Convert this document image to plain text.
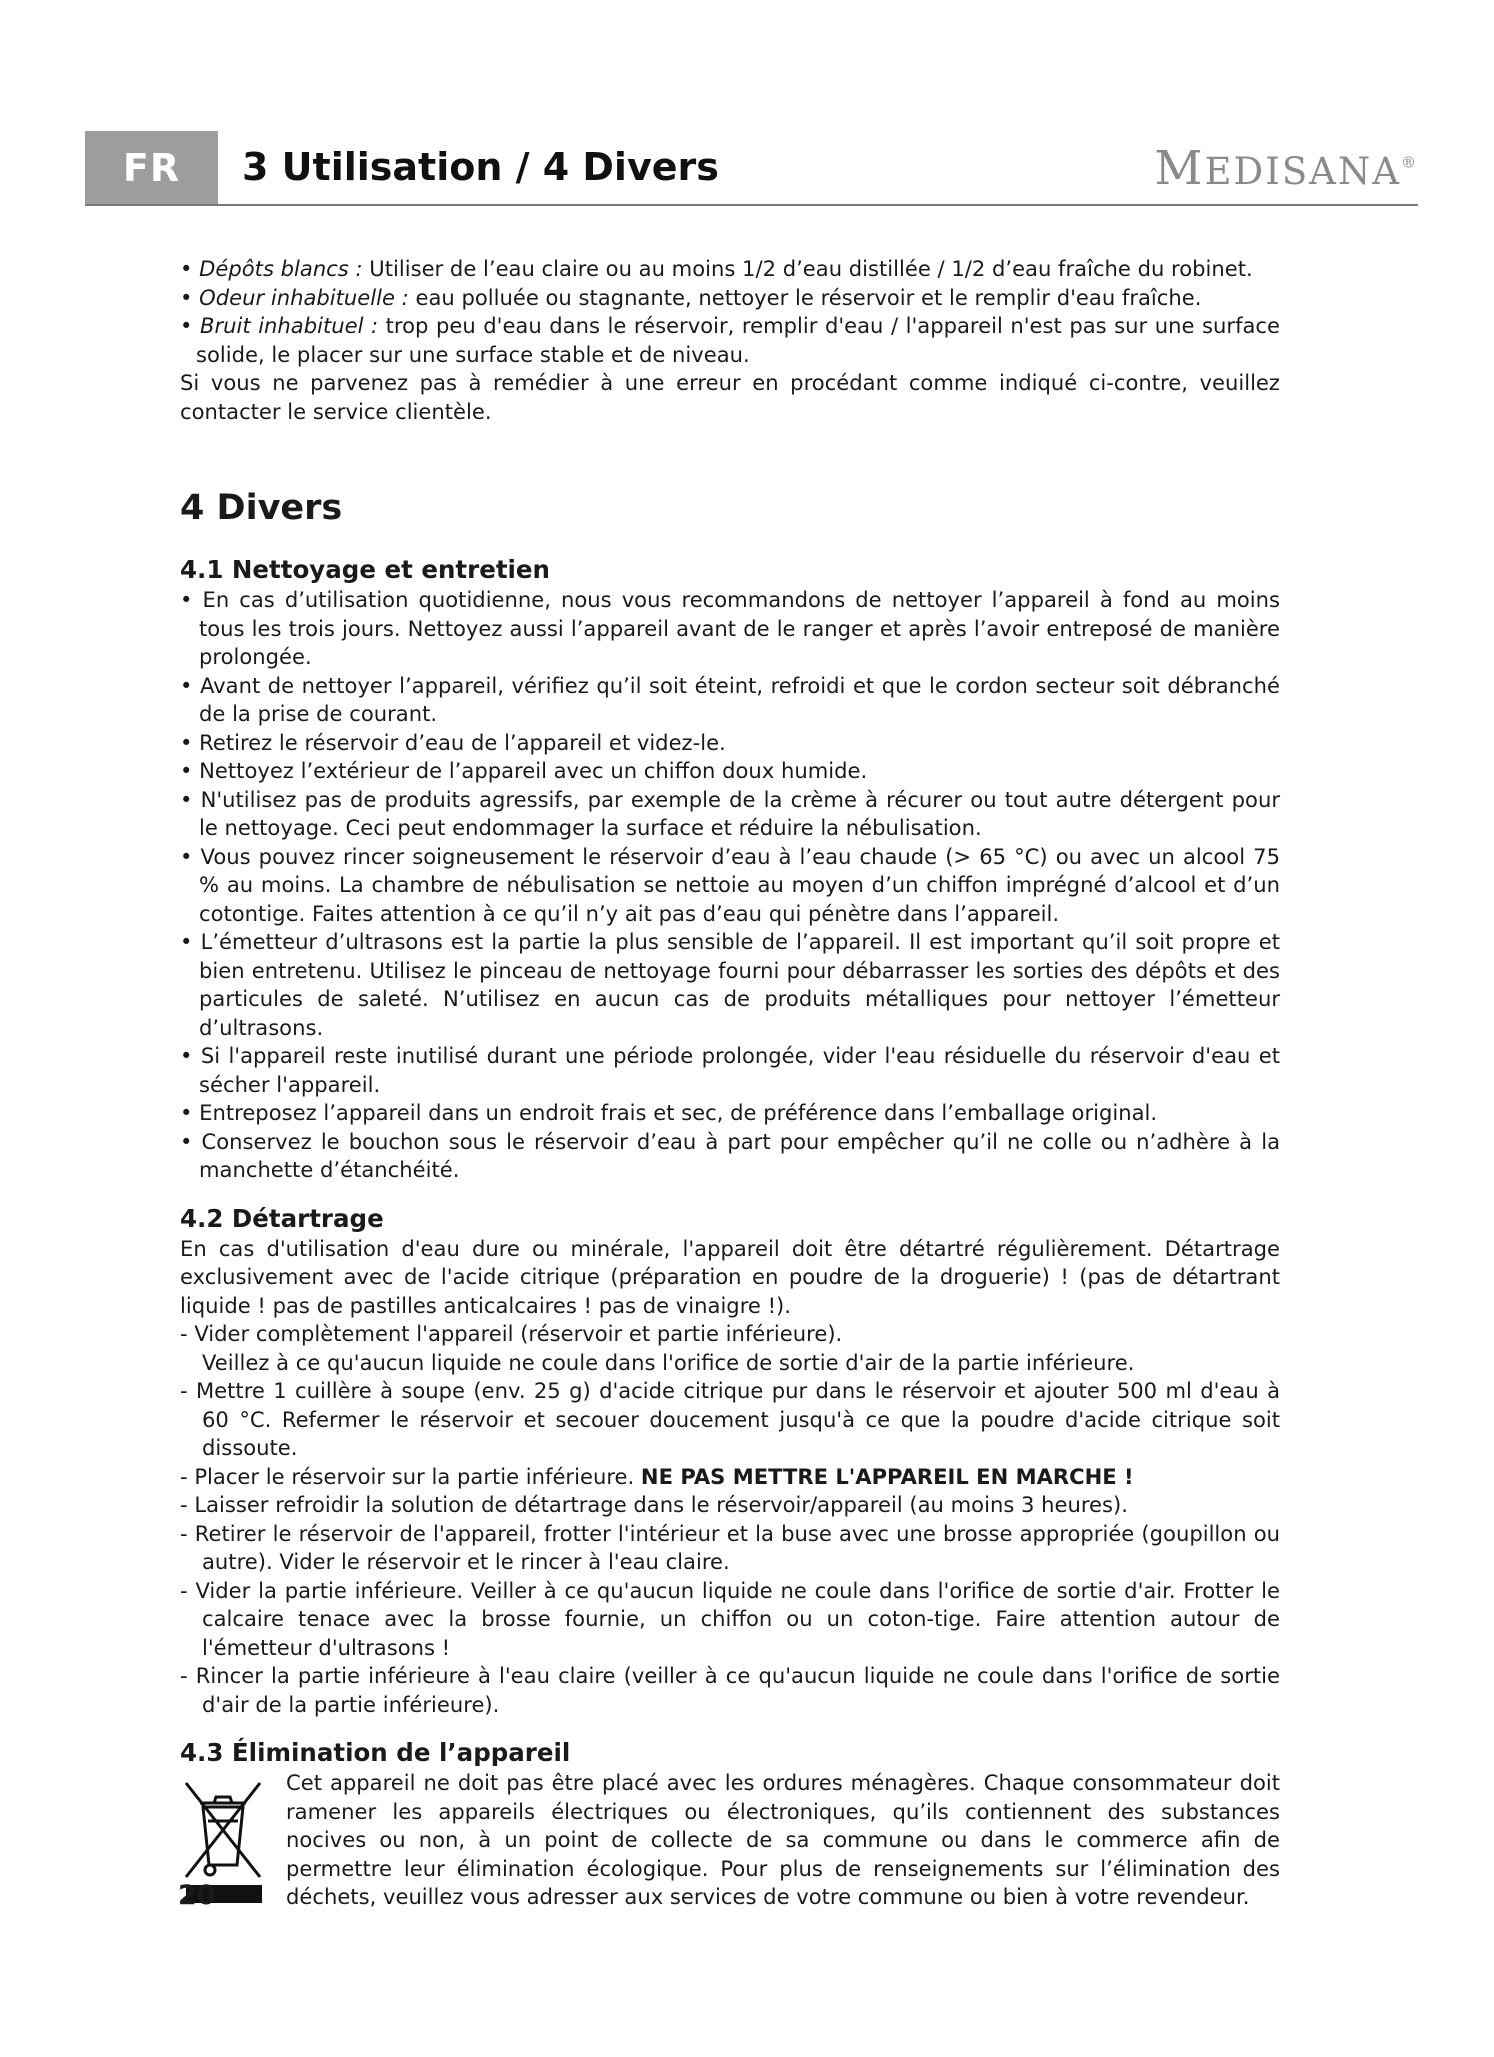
FR	3 Utilisation / 4 Divers	MEDISANA®

• Dépôts blancs : Utiliser de l’eau claire ou au moins 1/2 d’eau distillée / 1/2 d’eau fraîche du robinet.

• Odeur inhabituelle : eau polluée ou stagnante, nettoyer le réservoir et le remplir d'eau fraîche.

• Bruit inhabituel : trop peu d'eau dans le réservoir, remplir d'eau / l'appareil n'est pas sur une surface solide, le placer sur une surface stable et de niveau.

Si vous ne parvenez pas à remédier à une erreur en procédant comme indiqué ci-contre, veuillez contacter le service clientèle.

4 Divers

4.1 Nettoyage et entretien

• En cas d’utilisation quotidienne, nous vous recommandons de nettoyer l’appareil à fond au moins tous les trois jours. Nettoyez aussi l’appareil avant de le ranger et après l’avoir entreposé de manière prolongée.

• Avant de nettoyer l’appareil, vérifiez qu’il soit éteint, refroidi et que le cordon secteur soit débranché de la prise de courant.

• Retirez le réservoir d’eau de l’appareil et videz-le.

• Nettoyez l’extérieur de l’appareil avec un chiffon doux humide.

• N'utilisez pas de produits agressifs, par exemple de la crème à récurer ou tout autre détergent pour le nettoyage. Ceci peut endommager la surface et réduire la nébulisation.

• Vous pouvez rincer soigneusement le réservoir d’eau à l’eau chaude (> 65 °C) ou avec un alcool 75 % au moins. La chambre de nébulisation se nettoie au moyen d’un chiffon imprégné d’alcool et d’un cotontige. Faites attention à ce qu’il n’y ait pas d’eau qui pénètre dans l’appareil.

• L’émetteur d’ultrasons est la partie la plus sensible de l’appareil. Il est important qu’il soit propre et bien entretenu. Utilisez le pinceau de nettoyage fourni pour débarrasser les sorties des dépôts et des particules de saleté. N’utilisez en aucun cas de produits métalliques pour nettoyer l’émetteur d’ultrasons.

• Si l'appareil reste inutilisé durant une période prolongée, vider l'eau résiduelle du réservoir d'eau et sécher l'appareil.

• Entreposez l’appareil dans un endroit frais et sec, de préférence dans l’emballage original.

• Conservez le bouchon sous le réservoir d’eau à part pour empêcher qu’il ne colle ou n’adhère à la manchette d’étanchéité.

4.2 Détartrage

En cas d'utilisation d'eau dure ou minérale, l'appareil doit être détartré régulièrement. Détartrage exclusivement avec de l'acide citrique (préparation en poudre de la droguerie) ! (pas de détartrant liquide ! pas de pastilles anticalcaires ! pas de vinaigre !).

- Vider complètement l'appareil (réservoir et partie inférieure).

Veillez à ce qu'aucun liquide ne coule dans l'orifice de sortie d'air de la partie inférieure.

- Mettre 1 cuillère à soupe (env. 25 g) d'acide citrique pur dans le réservoir et ajouter 500 ml d'eau à 60 °C. Refermer le réservoir et secouer doucement jusqu'à ce que la poudre d'acide citrique soit dissoute.

- Placer le réservoir sur la partie inférieure. NE PAS METTRE L'APPAREIL EN MARCHE !

- Laisser refroidir la solution de détartrage dans le réservoir/appareil (au moins 3 heures).

- Retirer le réservoir de l'appareil, frotter l'intérieur et la buse avec une brosse appropriée (goupillon ou autre). Vider le réservoir et le rincer à l'eau claire.

- Vider la partie inférieure. Veiller à ce qu'aucun liquide ne coule dans l'orifice de sortie d'air. Frotter le calcaire tenace avec la brosse fournie, un chiffon ou un coton-tige. Faire attention autour de l'émetteur d'ultrasons !

- Rincer la partie inférieure à l'eau claire (veiller à ce qu'aucun liquide ne coule dans l'orifice de sortie d'air de la partie inférieure).

4.3 Élimination de l’appareil

Cet appareil ne doit pas être placé avec les ordures ménagères. Chaque consommateur doit ramener les appareils électriques ou électroniques, qu’ils contiennent des substances nocives ou non, à un point de collecte de sa commune ou dans le commerce afin de permettre leur élimination écologique. Pour plus de renseignements sur l’élimination des déchets, veuillez vous adresser aux services de votre commune ou bien à votre revendeur.

20
